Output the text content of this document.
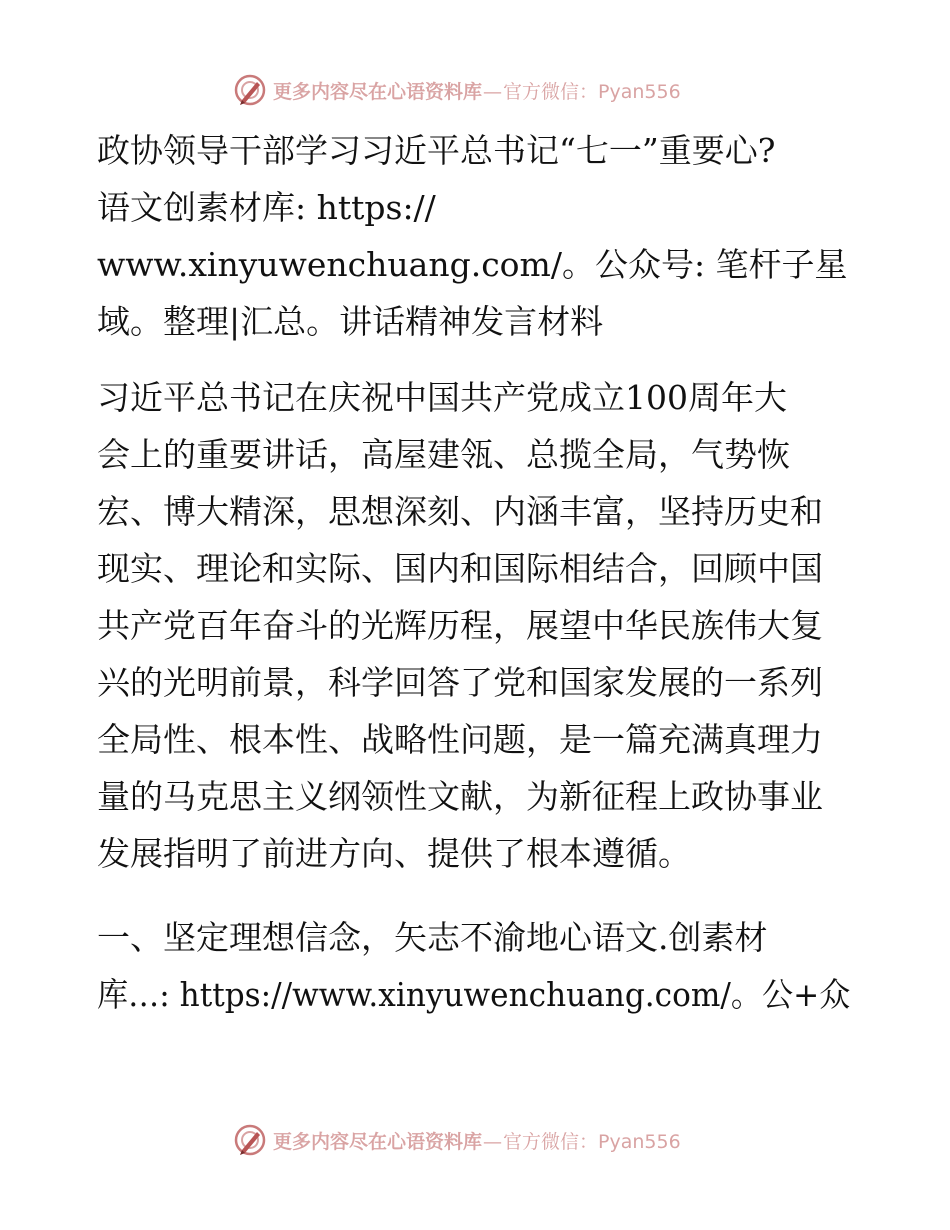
更多内容尽在心语资料库 —官方微信：Pyan556
政协领导干部学习习近平总书记“七一”重要心?
语文创素材库: https://
www.xinyuwenchuang.com/。公众号: 笔杆子星
域。整理|汇总。讲话精神发言材料
习近平总书记在庆祝中国共产党成立100周年大
会上的重要讲话，高屋建瓴、总揽全局，气势恢
宏、博大精深，思想深刻、内涵丰富，坚持历史和
现实、理论和实际、国内和国际相结合，回顾中国
共产党百年奋斗的光辉历程，展望中华民族伟大复
兴的光明前景，科学回答了党和国家发展的一系列
全局性、根本性、战略性问题，是一篇充满真理力
量的马克思主义纲领性文献，为新征程上政协事业
发展指明了前进方向、提供了根本遵循。
一、坚定理想信念，矢志不渝地心语文.创素材
库…: https://www.xinyuwenchuang.com/。公+众
更多内容尽在心语资料库 —官方微信：Pyan556
